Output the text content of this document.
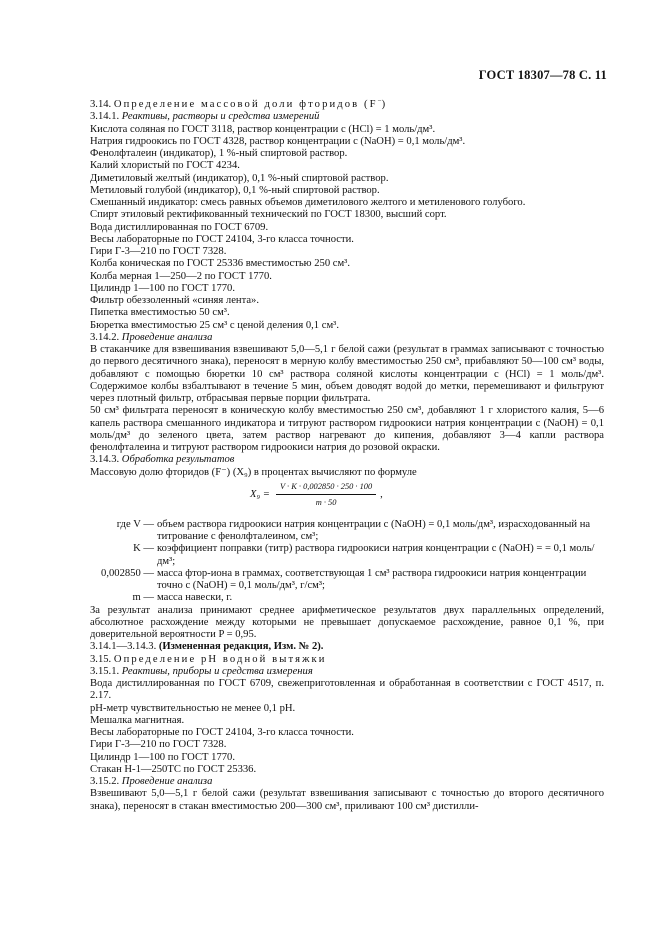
ГОСТ 18307—78 С. 11

3.14. Определение массовой доли фторидов (F−)

3.14.1. Реактивы, растворы и средства измерений

Кислота соляная по ГОСТ 3118, раствор концентрации с (HCl) = 1 моль/дм³.

Натрия гидроокись по ГОСТ 4328, раствор концентрации с (NaOH) = 0,1 моль/дм³.

Фенолфталеин (индикатор), 1 %-ный спиртовой раствор.

Калий хлористый по ГОСТ 4234.

Диметиловый желтый (индикатор), 0,1 %-ный спиртовой раствор.

Метиловый голубой (индикатор), 0,1 %-ный спиртовой раствор.

Смешанный индикатор: смесь равных объемов диметилового желтого и метиленового голубого.

Спирт этиловый ректификованный технический по ГОСТ 18300, высший сорт.

Вода дистиллированная по ГОСТ 6709.

Весы лабораторные по ГОСТ 24104, 3-го класса точности.

Гири Г-3—210 по ГОСТ 7328.

Колба коническая по ГОСТ 25336 вместимостью 250 см³.

Колба мерная 1—250—2 по ГОСТ 1770.

Цилиндр 1—100 по ГОСТ 1770.

Фильтр обеззоленный «синяя лента».

Пипетка вместимостью 50 см³.

Бюретка вместимостью 25 см³ с ценой деления 0,1 см³.

3.14.2. Проведение анализа

В стаканчике для взвешивания взвешивают 5,0—5,1 г белой сажи (результат в граммах записывают с точностью до первого десятичного знака), переносят в мерную колбу вместимостью 250 см³, прибавляют 50—100 см³ воды, добавляют с помощью бюретки 10 см³ раствора соляной кислоты концентрации с (HCl) = 1 моль/дм³. Содержимое колбы взбалтывают в течение 5 мин, объем доводят водой до метки, перемешивают и фильтруют через плотный фильтр, отбрасывая первые порции фильтрата.

50 см³ фильтрата переносят в коническую колбу вместимостью 250 см³, добавляют 1 г хлористого калия, 5—6 капель раствора смешанного индикатора и титруют раствором гидроокиси натрия концентрации с (NaOH) = 0,1 моль/дм³ до зеленого цвета, затем раствор нагревают до кипения, добавляют 3—4 капли раствора фенолфталеина и титруют раствором гидроокиси натрия до розовой окраски.

3.14.3. Обработка результатов

Массовую долю фторидов (F⁻) (X₉) в процентах вычисляют по формуле

$X_9 = \frac{V \cdot K \cdot 0,002850 \cdot 250 \cdot 100}{m \cdot 50}$ ,
где V — объем раствора гидроокиси натрия концентрации с (NaOH) = 0,1 моль/дм³, израсходованный на титрование с фенолфталеином, см³;
K — коэффициент поправки (титр) раствора гидроокиси натрия концентрации с (NaOH) = = 0,1 моль/дм³;
0,002850 — масса фтор-иона в граммах, соответствующая 1 см³ раствора гидроокиси натрия концентрации точно с (NaOH) = 0,1 моль/дм³, г/см³;
m — масса навески, г.

За результат анализа принимают среднее арифметическое результатов двух параллельных определений, абсолютное расхождение между которыми не превышает допускаемое расхождение, равное 0,1 %, при доверительной вероятности P = 0,95.

3.14.1—3.14.3. (Измененная редакция, Изм. № 2).

3.15. Определение рН водной вытяжки

3.15.1. Реактивы, приборы и средства измерения

Вода дистиллированная по ГОСТ 6709, свежеприготовленная и обработанная в соответствии с ГОСТ 4517, п. 2.17.

рН-метр чувствительностью не менее 0,1 рН.

Мешалка магнитная.

Весы лабораторные по ГОСТ 24104, 3-го класса точности.

Гири Г-3—210 по ГОСТ 7328.

Цилиндр 1—100 по ГОСТ 1770.

Стакан Н-1—250ТС по ГОСТ 25336.

3.15.2. Проведение анализа

Взвешивают 5,0—5,1 г белой сажи (результат взвешивания записывают с точностью до второго десятичного знака), переносят в стакан вместимостью 200—300 см³, приливают 100 см³ дистилли-
